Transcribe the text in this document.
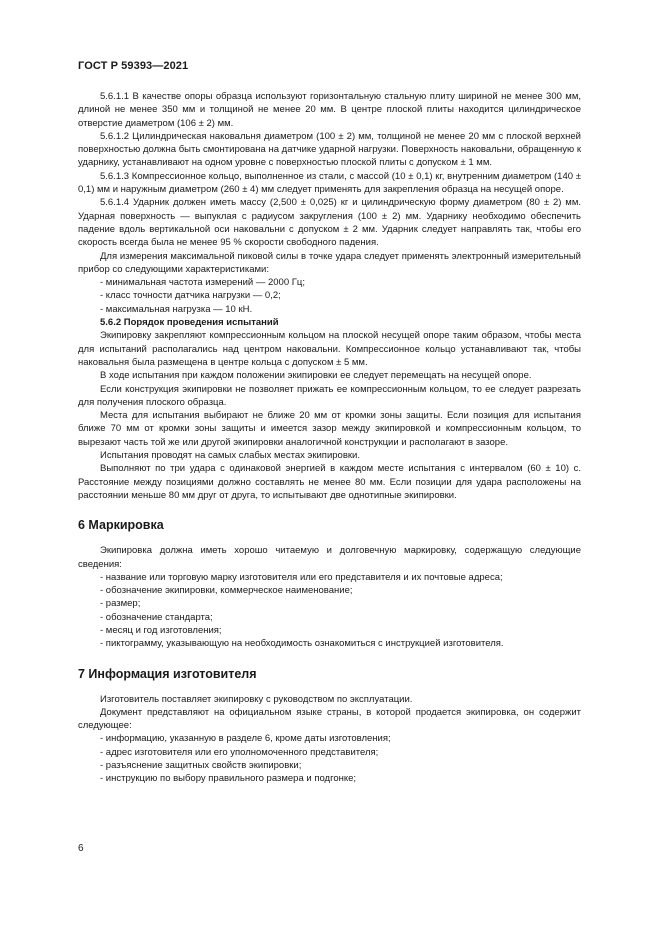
ГОСТ Р 59393—2021

5.6.1.1 В качестве опоры образца используют горизонтальную стальную плиту шириной не менее 300 мм, длиной не менее 350 мм и толщиной не менее 20 мм. В центре плоской плиты находится цилиндрическое отверстие диаметром (106 ± 2) мм.

5.6.1.2 Цилиндрическая наковальня диаметром (100 ± 2) мм, толщиной не менее 20 мм с плоской верхней поверхностью должна быть смонтирована на датчике ударной нагрузки. Поверхность наковальни, обращенную к ударнику, устанавливают на одном уровне с поверхностью плоской плиты с допуском ± 1 мм.

5.6.1.3 Компрессионное кольцо, выполненное из стали, с массой (10 ± 0,1) кг, внутренним диаметром (140 ± 0,1) мм и наружным диаметром (260 ± 4) мм следует применять для закрепления образца на несущей опоре.

5.6.1.4 Ударник должен иметь массу (2,500 ± 0,025) кг и цилиндрическую форму диаметром (80 ± 2) мм. Ударная поверхность — выпуклая с радиусом закругления (100 ± 2) мм. Ударнику необходимо обеспечить падение вдоль вертикальной оси наковальни с допуском ± 2 мм. Ударник следует направлять так, чтобы его скорость всегда была не менее 95 % скорости свободного падения.

Для измерения максимальной пиковой силы в точке удара следует применять электронный измерительный прибор со следующими характеристиками:

- минимальная частота измерений — 2000 Гц;
- класс точности датчика нагрузки — 0,2;
- максимальная нагрузка — 10 кН.

5.6.2 Порядок проведения испытаний

Экипировку закрепляют компрессионным кольцом на плоской несущей опоре таким образом, чтобы места для испытаний располагались над центром наковальни. Компрессионное кольцо устанавливают так, чтобы наковальня была размещена в центре кольца с допуском ± 5 мм.

В ходе испытания при каждом положении экипировки ее следует перемещать на несущей опоре.

Если конструкция экипировки не позволяет прижать ее компрессионным кольцом, то ее следует разрезать для получения плоского образца.

Места для испытания выбирают не ближе 20 мм от кромки зоны защиты. Если позиция для испытания ближе 70 мм от кромки зоны защиты и имеется зазор между экипировкой и компрессионным кольцом, то вырезают часть той же или другой экипировки аналогичной конструкции и располагают в зазоре.

Испытания проводят на самых слабых местах экипировки.

Выполняют по три удара с одинаковой энергией в каждом месте испытания с интервалом (60 ± 10) с. Расстояние между позициями должно составлять не менее 80 мм. Если позиции для удара расположены на расстоянии меньше 80 мм друг от друга, то испытывают две однотипные экипировки.

6 Маркировка

Экипировка должна иметь хорошо читаемую и долговечную маркировку, содержащую следующие сведения:

- название или торговую марку изготовителя или его представителя и их почтовые адреса;
- обозначение экипировки, коммерческое наименование;
- размер;
- обозначение стандарта;
- месяц и год изготовления;
- пиктограмму, указывающую на необходимость ознакомиться с инструкцией изготовителя.
7 Информация изготовителя

Изготовитель поставляет экипировку с руководством по эксплуатации.

Документ представляют на официальном языке страны, в которой продается экипировка, он содержит следующее:

- информацию, указанную в разделе 6, кроме даты изготовления;
- адрес изготовителя или его уполномоченного представителя;
- разъяснение защитных свойств экипировки;
- инструкцию по выбору правильного размера и подгонке;
6
